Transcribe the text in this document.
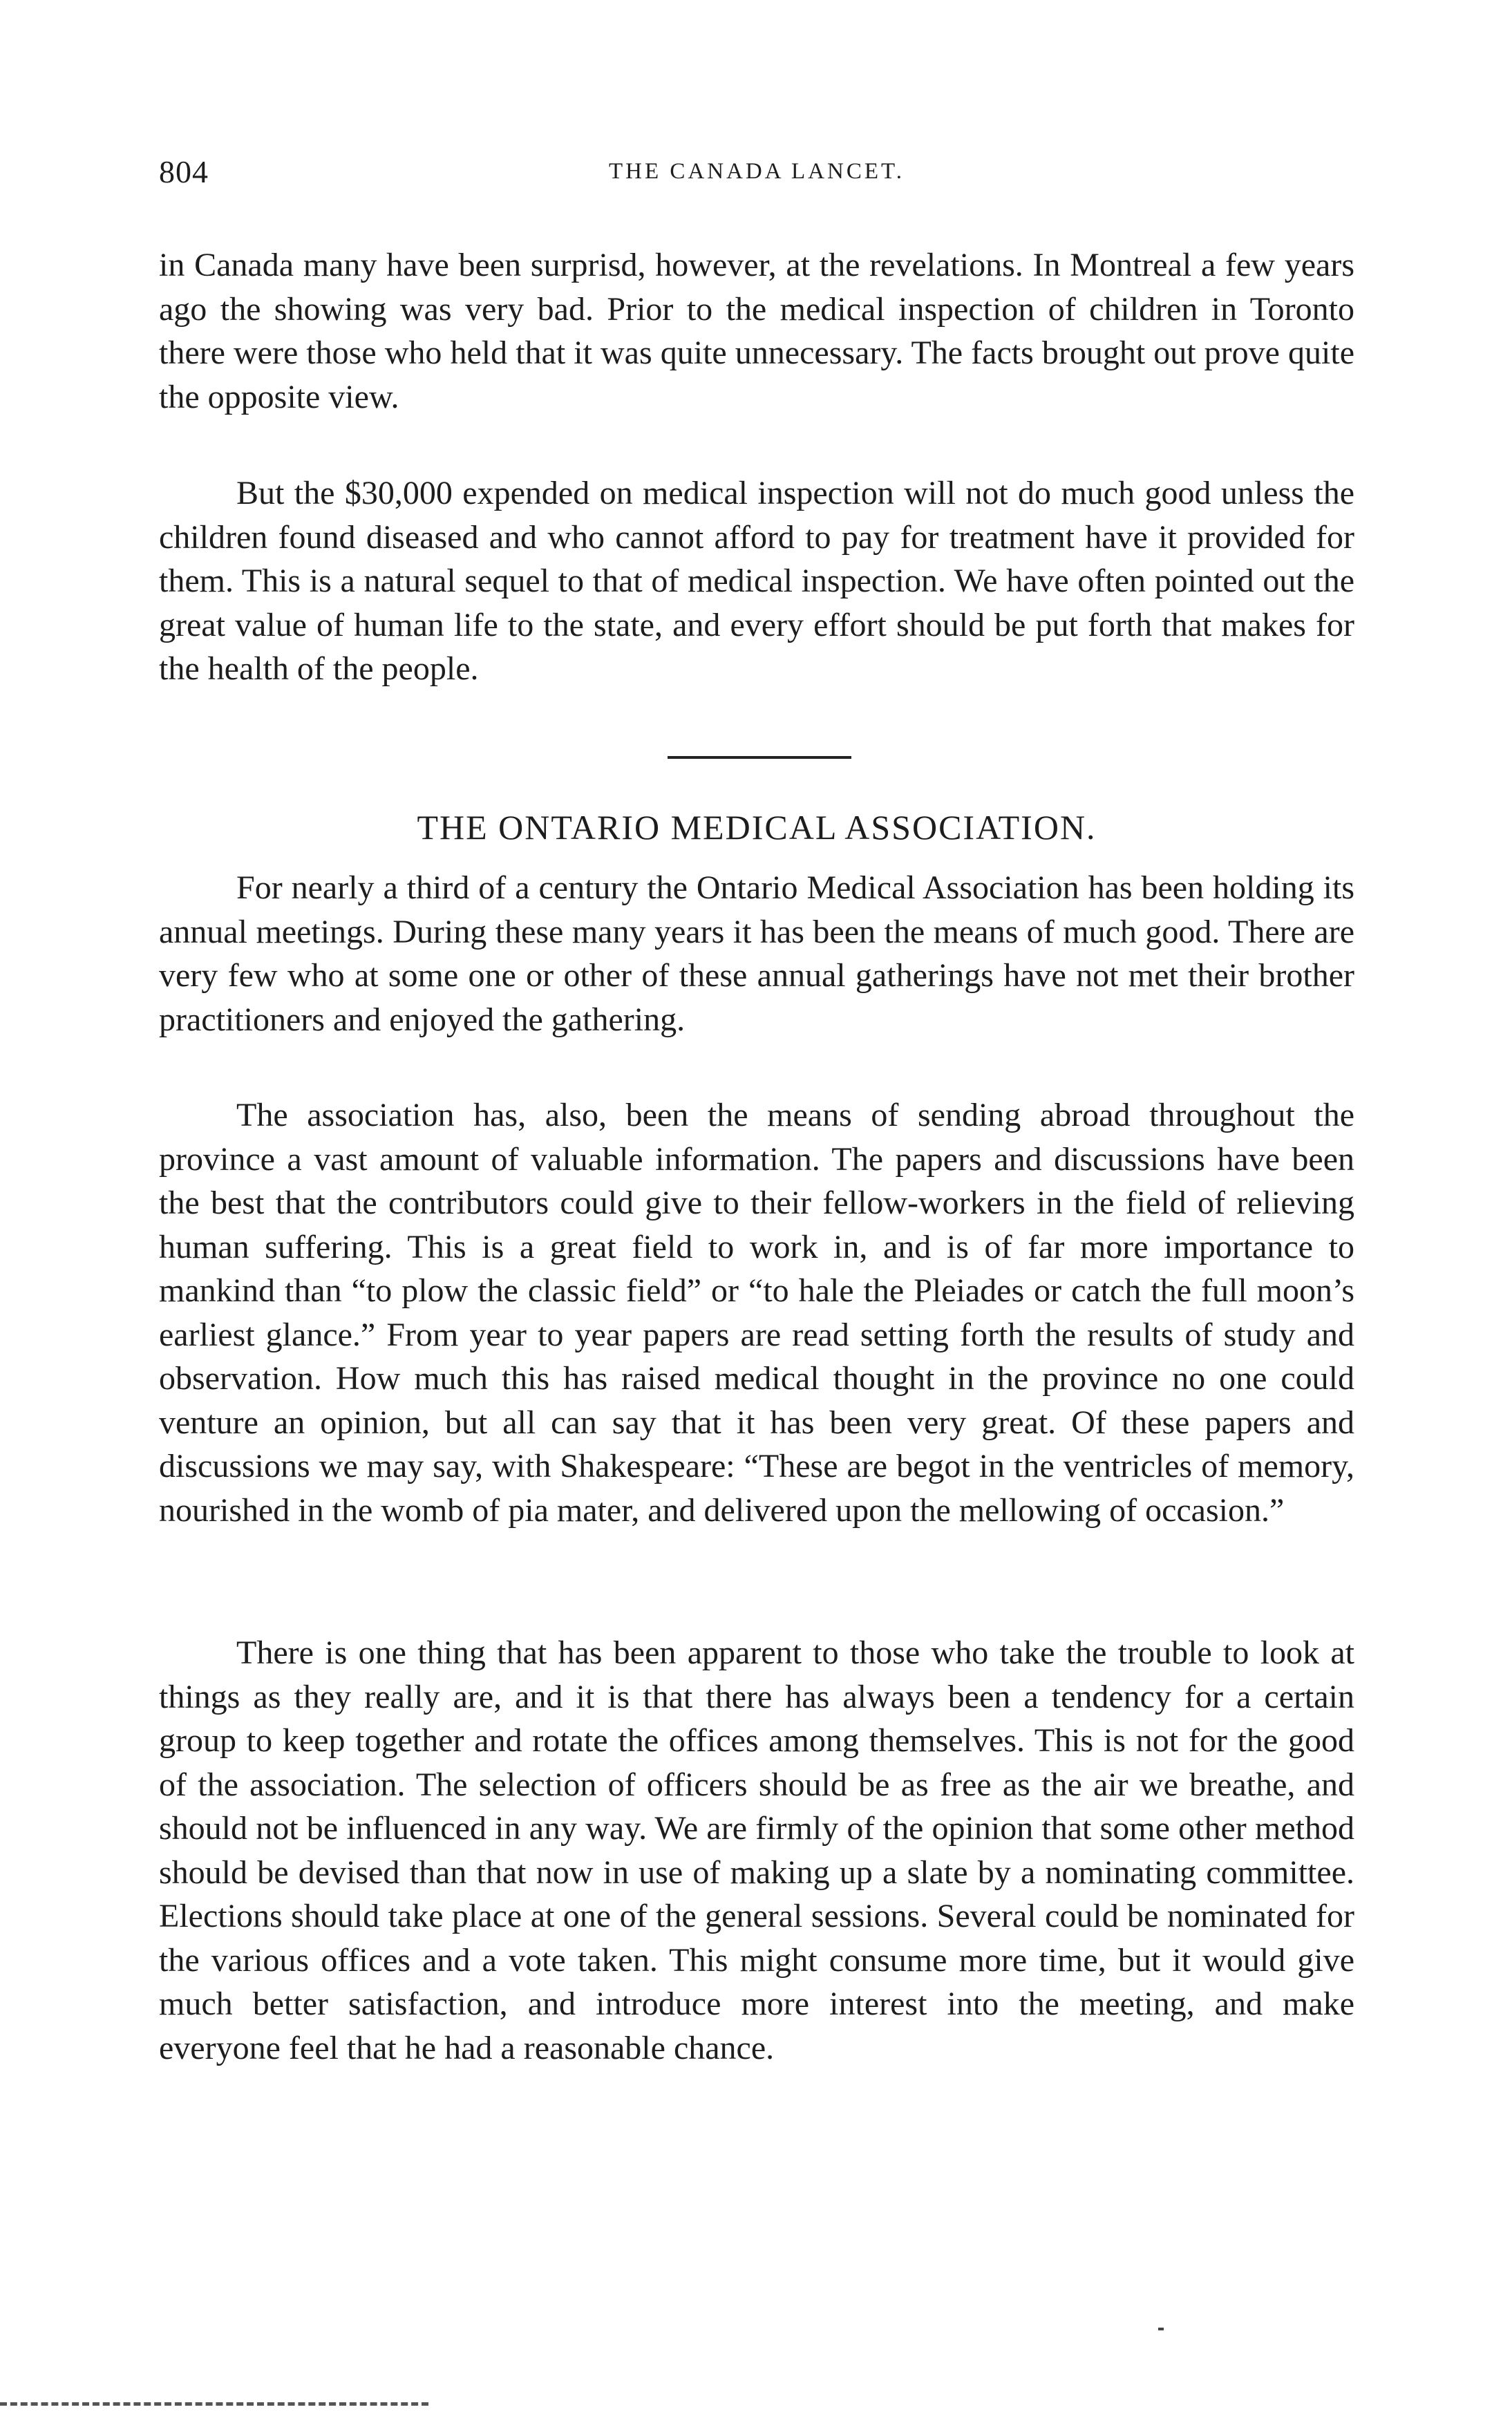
804	THE CANADA LANCET.

in Canada many have been surprisd, however, at the revelations. In Montreal a few years ago the showing was very bad. Prior to the medical inspection of children in Toronto there were those who held that it was quite unnecessary. The facts brought out prove quite the opposite view.

But the $30,000 expended on medical inspection will not do much good unless the children found diseased and who cannot afford to pay for treatment have it provided for them. This is a natural sequel to that of medical inspection. We have often pointed out the great value of human life to the state, and every effort should be put forth that makes for the health of the people.

THE ONTARIO MEDICAL ASSOCIATION.

For nearly a third of a century the Ontario Medical Association has been holding its annual meetings. During these many years it has been the means of much good. There are very few who at some one or other of these annual gatherings have not met their brother practitioners and enjoyed the gathering.

The association has, also, been the means of sending abroad throughout the province a vast amount of valuable information. The papers and discussions have been the best that the contributors could give to their fellow-workers in the field of relieving human suffering. This is a great field to work in, and is of far more importance to mankind than “to plow the classic field” or “to hale the Pleiades or catch the full moon’s earliest glance.” From year to year papers are read setting forth the results of study and observation. How much this has raised medical thought in the province no one could venture an opinion, but all can say that it has been very great. Of these papers and discussions we may say, with Shakespeare: “These are begot in the ventricles of memory, nourished in the womb of pia mater, and delivered upon the mellowing of occasion.”

There is one thing that has been apparent to those who take the trouble to look at things as they really are, and it is that there has always been a tendency for a certain group to keep together and rotate the offices among themselves. This is not for the good of the association. The selection of officers should be as free as the air we breathe, and should not be influenced in any way. We are firmly of the opinion that some other method should be devised than that now in use of making up a slate by a nominating committee. Elections should take place at one of the general sessions. Several could be nominated for the various offices and a vote taken. This might consume more time, but it would give much better satisfaction, and introduce more interest into the meeting, and make everyone feel that he had a reasonable chance.
